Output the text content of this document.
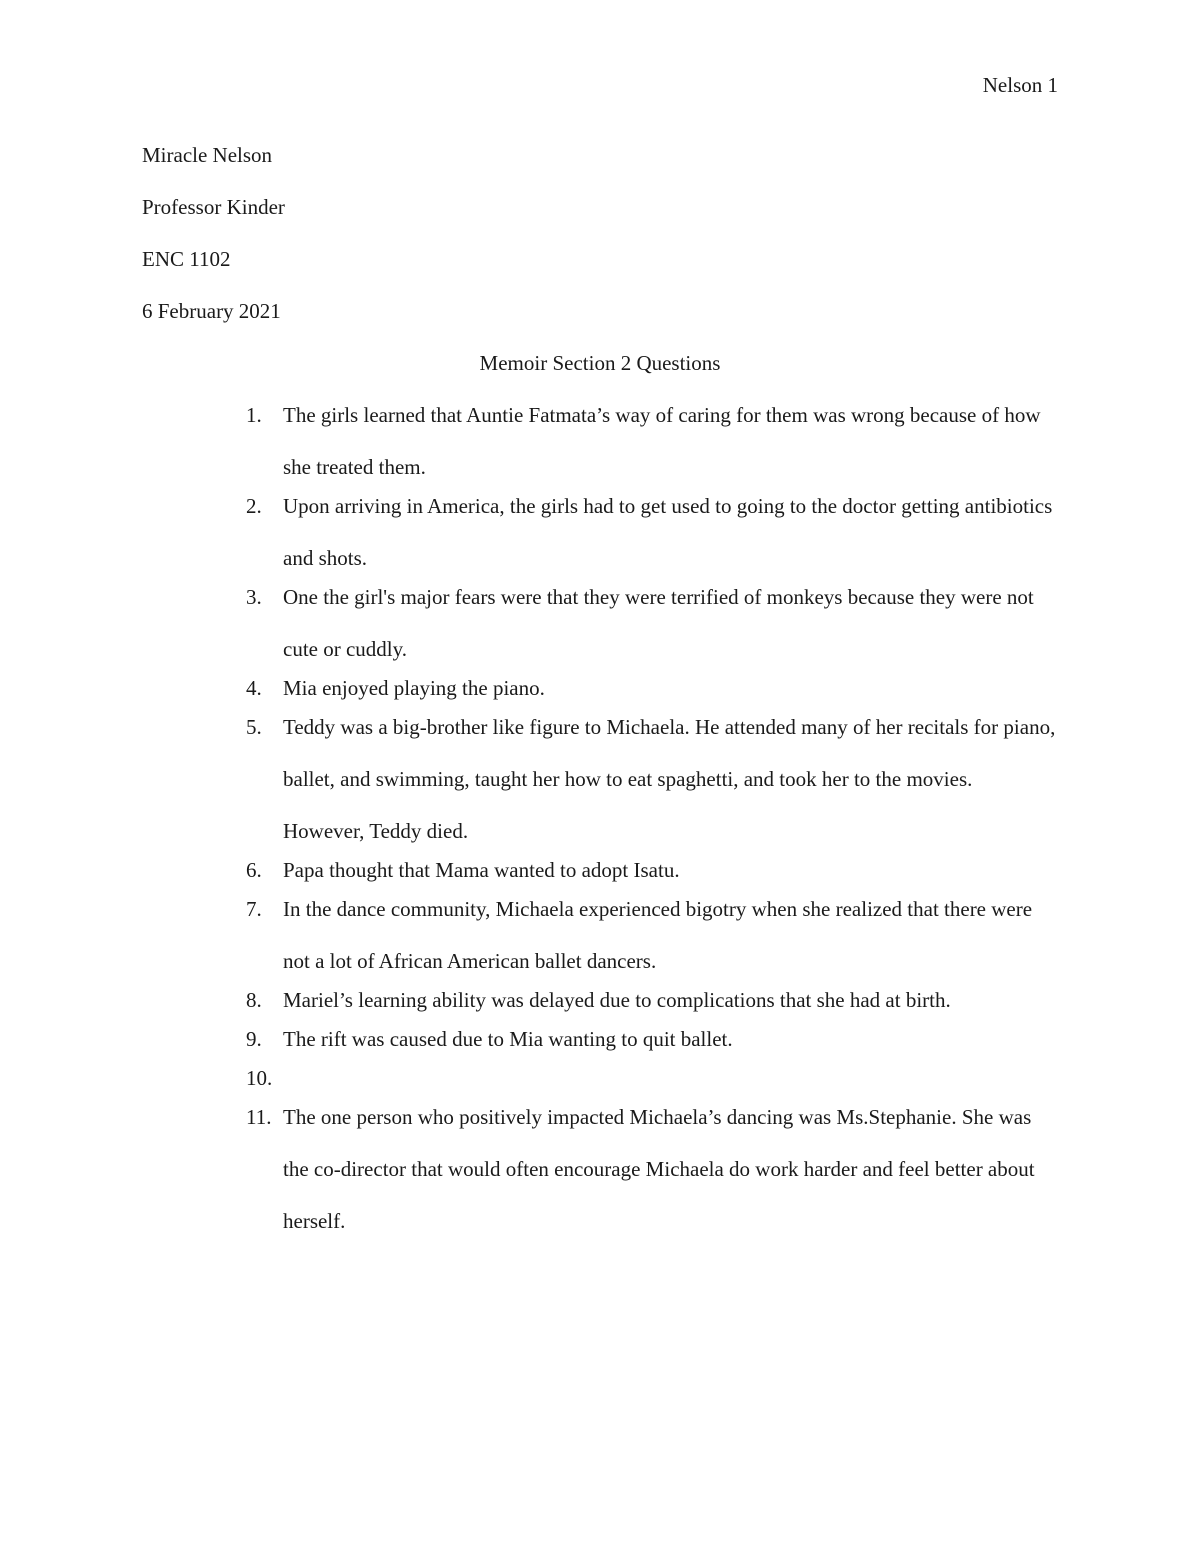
Nelson 1
Miracle Nelson
Professor Kinder
ENC 1102
6 February 2021
Memoir Section 2 Questions
1. The girls learned that Auntie Fatmata’s way of caring for them was wrong because of how she treated them.
2. Upon arriving in America, the girls had to get used to going to the doctor getting antibiotics and shots.
3. One the girl's major fears were that they were terrified of monkeys because they were not cute or cuddly.
4. Mia enjoyed playing the piano.
5. Teddy was a big-brother like figure to Michaela. He attended many of her recitals for piano, ballet, and swimming, taught her how to eat spaghetti, and took her to the movies. However, Teddy died.
6. Papa thought that Mama wanted to adopt Isatu.
7. In the dance community, Michaela experienced bigotry when she realized that there were not a lot of African American ballet dancers.
8. Mariel’s learning ability was delayed due to complications that she had at birth.
9. The rift was caused due to Mia wanting to quit ballet.
10.

11. The one person who positively impacted Michaela’s dancing was Ms.Stephanie. She was the co-director that would often encourage Michaela do work harder and feel better about herself.
